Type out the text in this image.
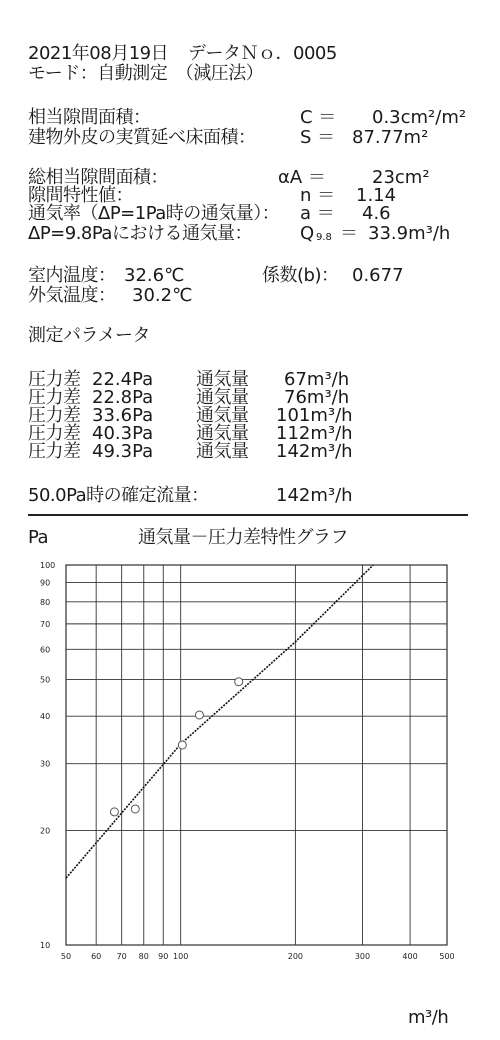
2021年08月19日 データＮｏ．0005
モード：自動測定　（減圧法）
相当隙間面積：	C ＝ 0.3cm²/m²
建物外皮の実質延べ床面積： S ＝ 87.77m²
総相当隙間面積：	αA ＝	23cm²
隙間特性値：	n ＝ 1.14
通気率（ΔP=1Pa時の通気量）： a ＝ 4.6
ΔP=9.8Paにおける通気量：	Q 9.8 ＝ 33.9m³/h
室内温度： 32.6℃	係数(b)： 0.677
外気温度： 30.2℃
測定パラメータ
圧力差 22.4Pa 通気量 67m³/h
圧力差 22.8Pa 通気量 76m³/h
圧力差 33.6Pa 通気量 101m³/h
圧力差 40.3Pa 通気量 112m³/h
圧力差 49.3Pa 通気量 142m³/h
50.0Pa時の確定流量：	142m³/h
Pa	通気量－圧力差特性グラフ
10
20
30
40
50
60
70
80
90
100
50 60 70 80 90 100	200	300	400	500
m³/h
